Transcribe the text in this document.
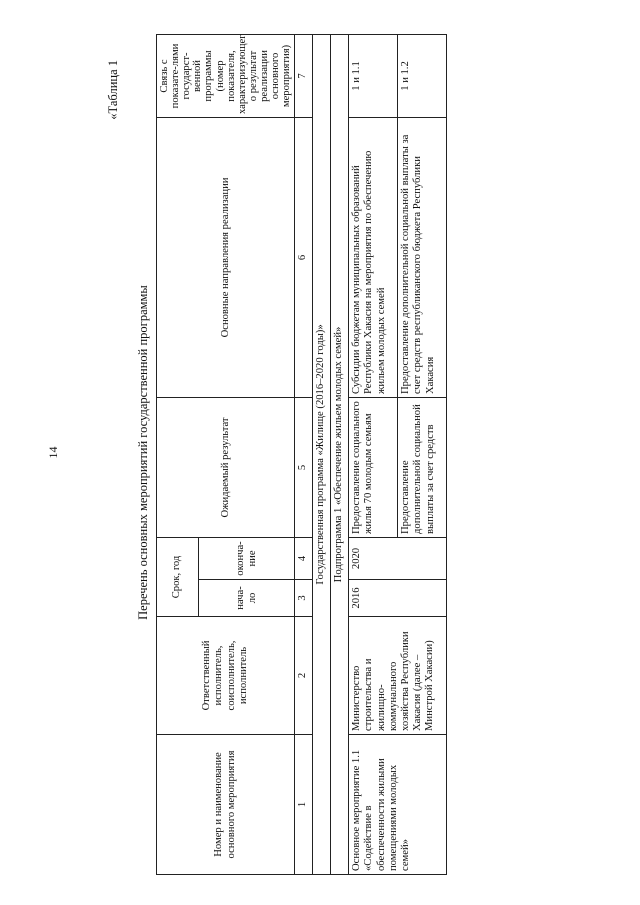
14
«Таблица 1
Перечень основных мероприятий государственной программы
Номер и наименование основного мероприятия	Ответственный исполнитель, соисполнитель, исполнитель	Срок, год		Ожидаемый результат	Основные направления реализации	Связь с показате-лями государст-венной программы (номер показателя, характеризующег о результат реализации основного мероприятия)
		нача-ло	оконча-ние			
1	2	3	4	5	6	7
Государственная программа «Жилище (2016–2020 годы)»						
Подпрограмма 1 «Обеспечение жильем молодых семей»						
Основное мероприятие 1.1 «Содействие в обеспеченности жилыми помещениями молодых семей»	Министерство строительства и жилищно-коммунального хозяйства Республики Хакасия (далее – Минстрой Хакасии)	2016	2020	Предоставление социального жилья 70 молодым семьям	Субсидии бюджетам муниципальных образований Республики Хакасия на мероприятия по обеспечению жильем молодых семей	1 и 1.1
				Предоставление дополнительной социальной выплаты за счет средств	Предоставление дополнительной социальной выплаты за счет средств республиканского бюджета Республики Хакасия	1 и 1.2
